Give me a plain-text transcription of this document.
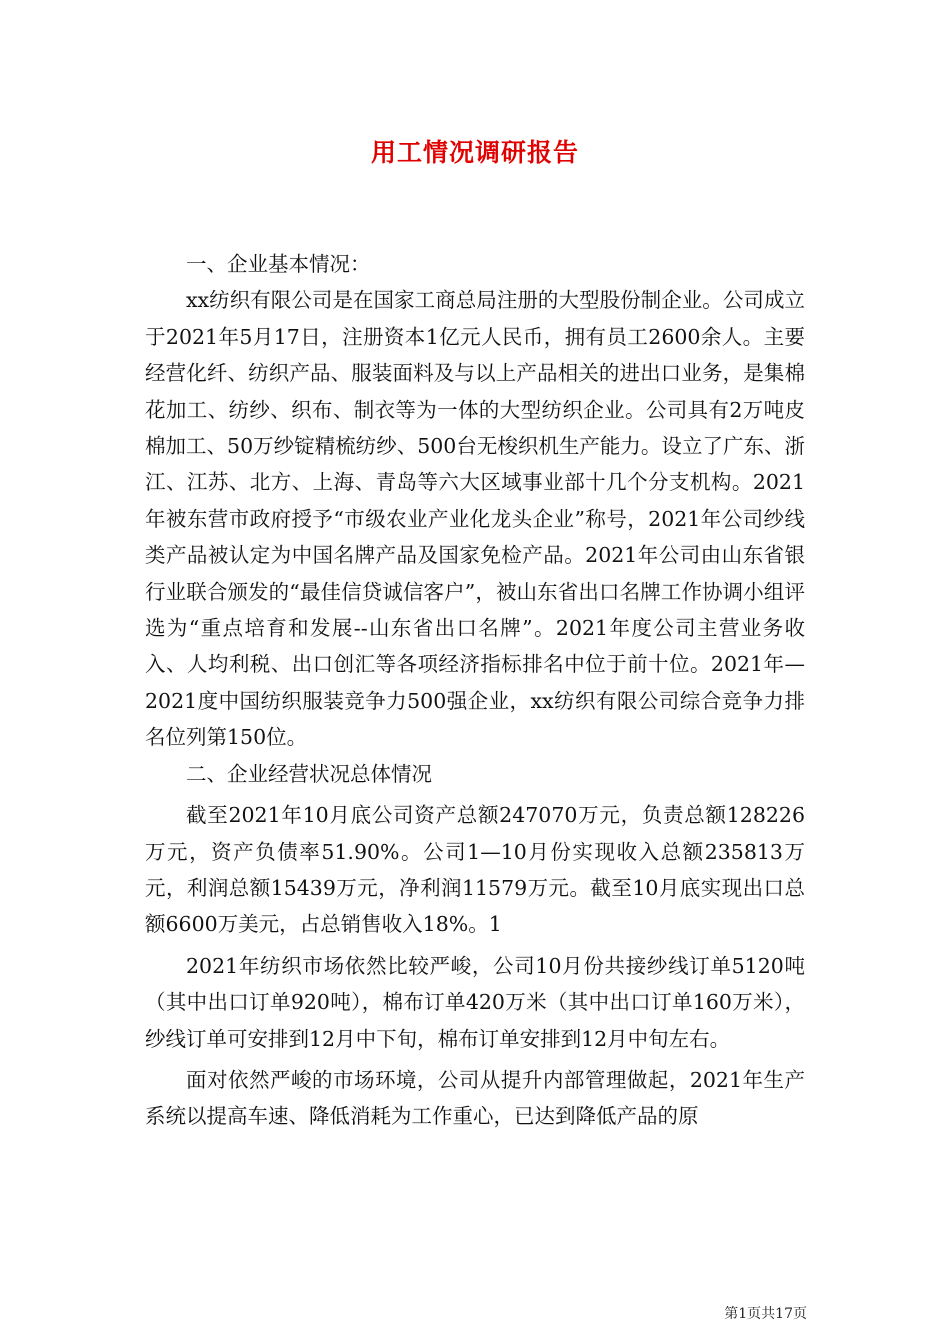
用工情况调研报告

一、企业基本情况：

xx纺织有限公司是在国家工商总局注册的大型股份制企业。公司成立于2021年5月17日，注册资本1亿元人民币，拥有员工2600余人。主要经营化纤、纺织产品、服装面料及与以上产品相关的进出口业务，是集棉花加工、纺纱、织布、制衣等为一体的大型纺织企业。公司具有2万吨皮棉加工、50万纱锭精梳纺纱、500台无梭织机生产能力。设立了广东、浙江、江苏、北方、上海、青岛等六大区域事业部十几个分支机构。2021年被东营市政府授予“市级农业产业化龙头企业”称号，2021年公司纱线类产品被认定为中国名牌产品及国家免检产品。2021年公司由山东省银行业联合颁发的“最佳信贷诚信客户”，被山东省出口名牌工作协调小组评选为“重点培育和发展--山东省出口名牌”。2021年度公司主营业务收入、人均利税、出口创汇等各项经济指标排名中位于前十位。2021年—2021度中国纺织服装竞争力500强企业，xx纺织有限公司综合竞争力排名位列第150位。

二、企业经营状况总体情况

截至2021年10月底公司资产总额247070万元，负责总额128226万元，资产负债率51.90%。公司1—10月份实现收入总额235813万元，利润总额15439万元，净利润11579万元。截至10月底实现出口总额6600万美元，占总销售收入18%。1

2021年纺织市场依然比较严峻，公司10月份共接纱线订单5120吨（其中出口订单920吨），棉布订单420万米（其中出口订单160万米），纱线订单可安排到12月中下旬，棉布订单安排到12月中旬左右。

面对依然严峻的市场环境，公司从提升内部管理做起，2021年生产系统以提高车速、降低消耗为工作重心，已达到降低产品的原

第1页共17页
